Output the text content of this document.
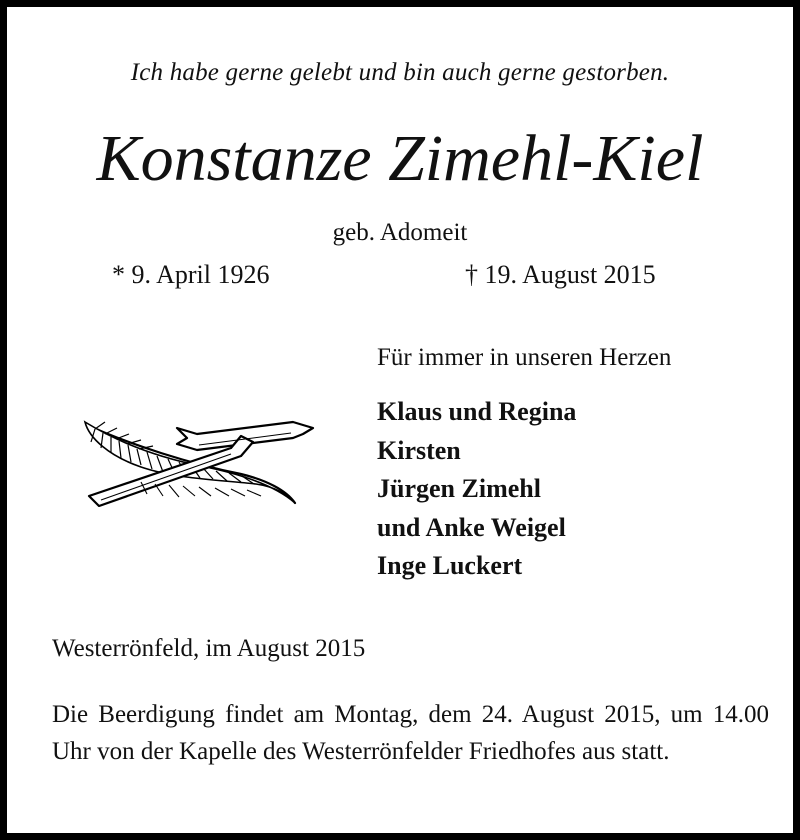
Ich habe gerne gelebt und bin auch gerne gestorben.
Konstanze Zimehl-Kiel
geb. Adomeit
* 9. April 1926	† 19. August 2015
Für immer in unseren Herzen
Klaus und Regina
Kirsten
Jürgen Zimehl
und Anke Weigel
Inge Luckert
Westerrönfeld, im August 2015
Die Beerdigung findet am Montag, dem 24. August 2015, um 14.00 Uhr von der Kapelle des Westerrönfelder Friedhofes aus statt.
